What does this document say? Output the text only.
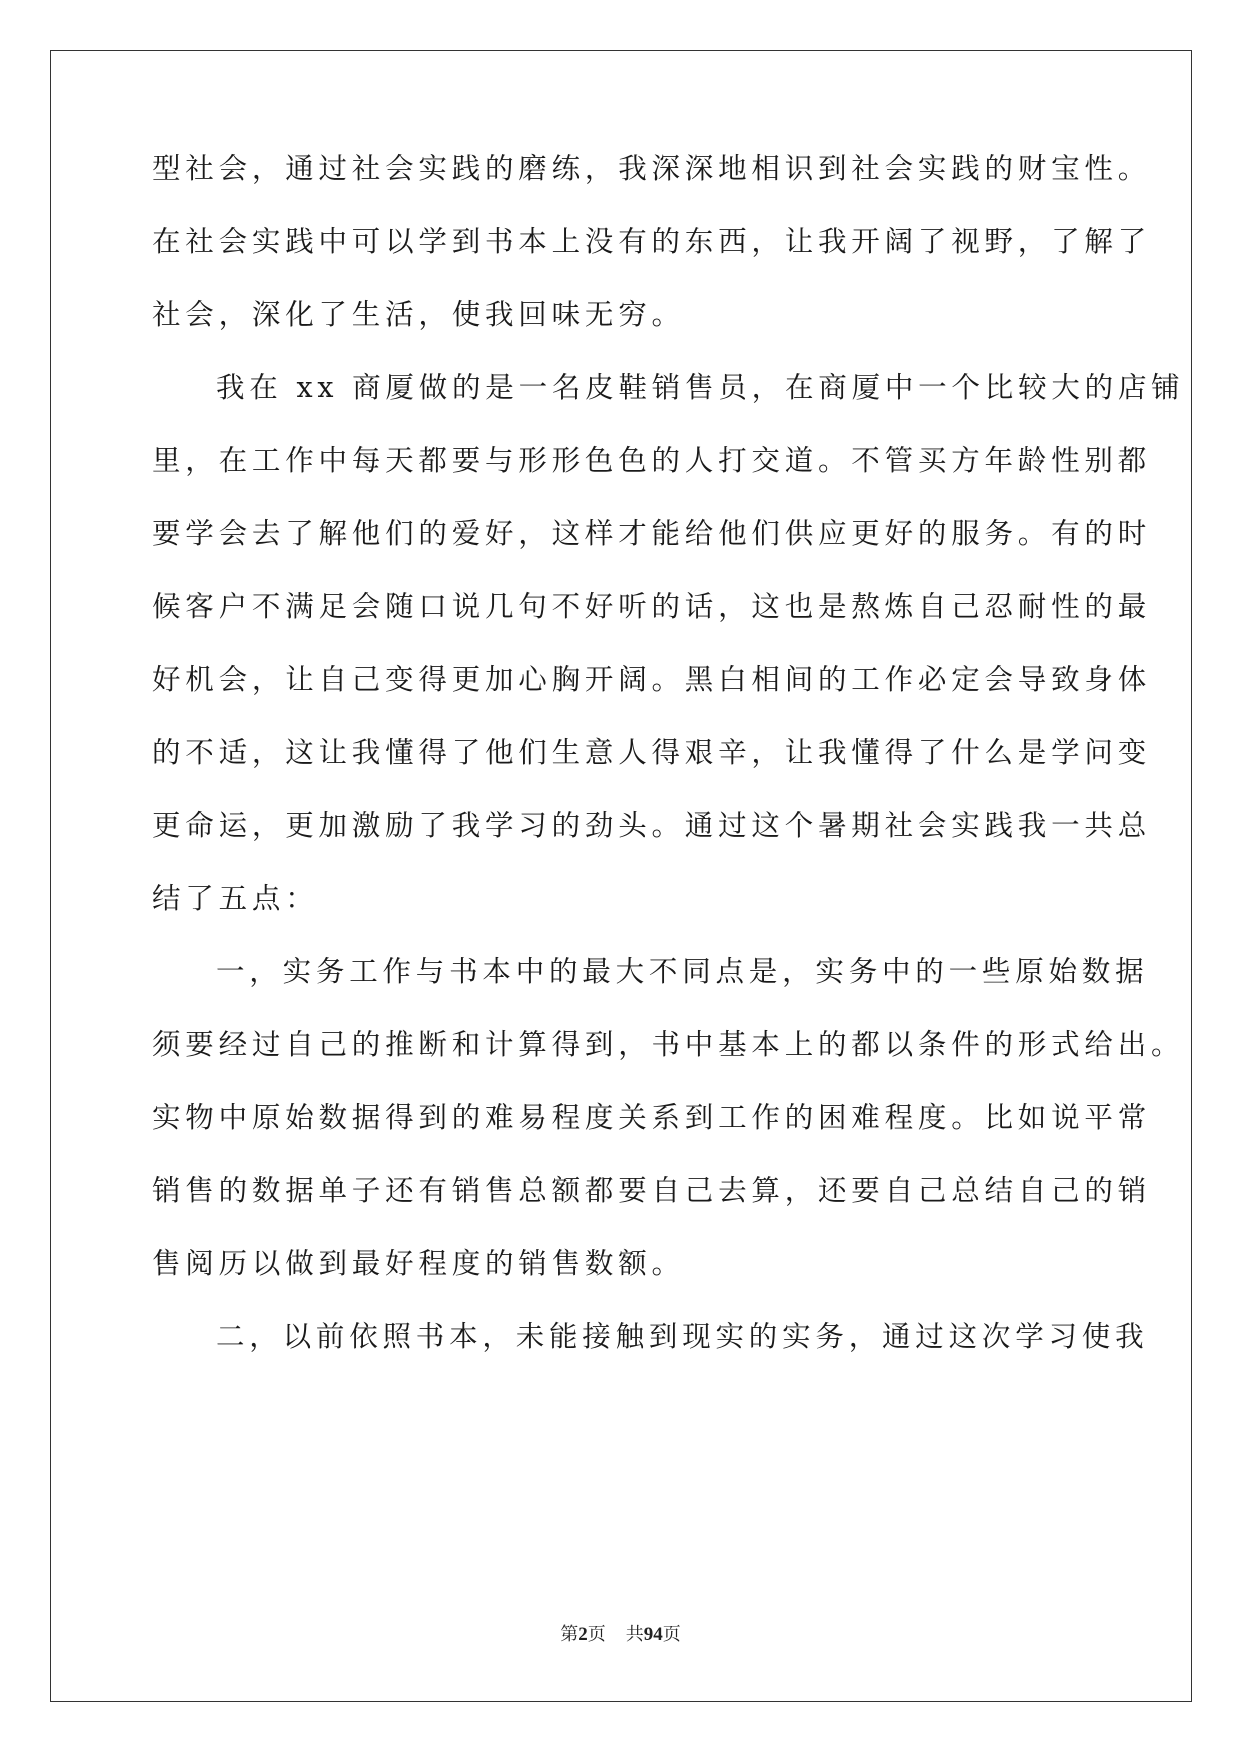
型社会，通过社会实践的磨练，我深深地相识到社会实践的财宝性。
在社会实践中可以学到书本上没有的东西，让我开阔了视野，了解了
社会，深化了生活，使我回味无穷。
我在 xx 商厦做的是一名皮鞋销售员，在商厦中一个比较大的店铺
里，在工作中每天都要与形形色色的人打交道。不管买方年龄性别都
要学会去了解他们的爱好，这样才能给他们供应更好的服务。有的时
候客户不满足会随口说几句不好听的话，这也是熬炼自己忍耐性的最
好机会，让自己变得更加心胸开阔。黑白相间的工作必定会导致身体
的不适，这让我懂得了他们生意人得艰辛，让我懂得了什么是学问变
更命运，更加激励了我学习的劲头。通过这个暑期社会实践我一共总
结了五点：
一，实务工作与书本中的最大不同点是，实务中的一些原始数据
须要经过自己的推断和计算得到，书中基本上的都以条件的形式给出。
实物中原始数据得到的难易程度关系到工作的困难程度。比如说平常
销售的数据单子还有销售总额都要自己去算，还要自己总结自己的销
售阅历以做到最好程度的销售数额。
二，以前依照书本，未能接触到现实的实务，通过这次学习使我
第2页 共94页
